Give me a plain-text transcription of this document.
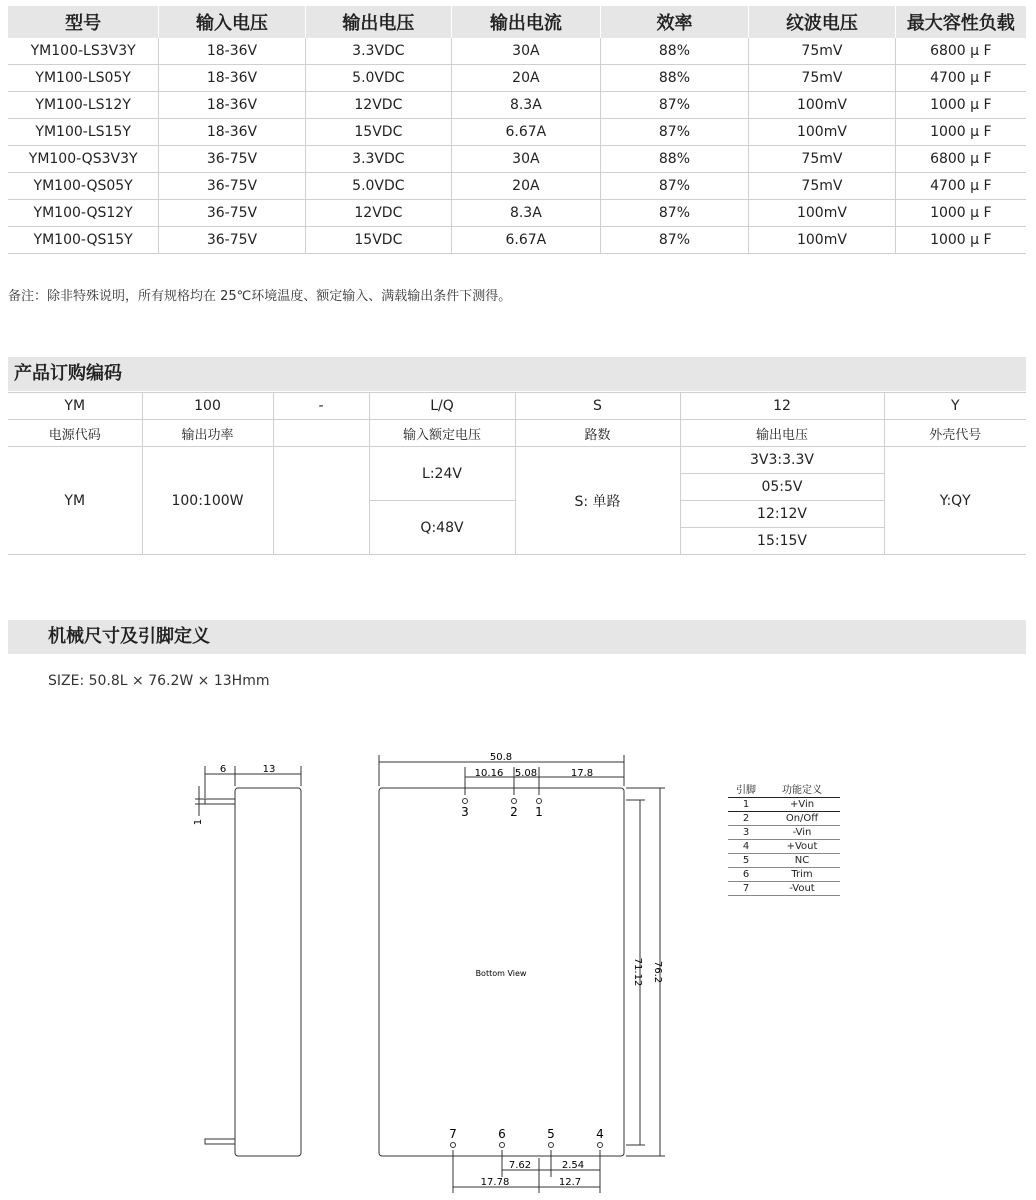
型号	输入电压	输出电压	输出电流	效率	纹波电压	最大容性负载
YM100-LS3V3Y	18-36V	3.3VDC	30A	88%	75mV	6800 μ F
YM100-LS05Y	18-36V	5.0VDC	20A	88%	75mV	4700 μ F
YM100-LS12Y	18-36V	12VDC	8.3A	87%	100mV	1000 μ F
YM100-LS15Y	18-36V	15VDC	6.67A	87%	100mV	1000 μ F
YM100-QS3V3Y	36-75V	3.3VDC	30A	88%	75mV	6800 μ F
YM100-QS05Y	36-75V	5.0VDC	20A	87%	75mV	4700 μ F
YM100-QS12Y	36-75V	12VDC	8.3A	87%	100mV	1000 μ F
YM100-QS15Y	36-75V	15VDC	6.67A	87%	100mV	1000 μ F
备注：除非特殊说明，所有规格均在 25℃环境温度、额定输入、满载输出条件下测得。
产品订购编码
YM	100	-	L/Q	S	12	Y
电源代码	输出功率		输入额定电压	路数	输出电压	外壳代号
YM	100:100W		L:24V	S: 单路	3V3:3.3V	Y:QY
					05:5V	
			Q:48V		12:12V	
					15:15V	
机械尺寸及引脚定义
SIZE: 50.8L × 76.2W × 13Hmm
6	13
1
50.8
10.16 5.08	17.8
3	2 1
Bottom View	71.12 76.2
7	6	5	4
7.62	2.54
17.78	12.7
引脚	功能定义
1	+Vin
2	On/Off
3	-Vin
4	+Vout
5	NC
6	Trim
7	-Vout
